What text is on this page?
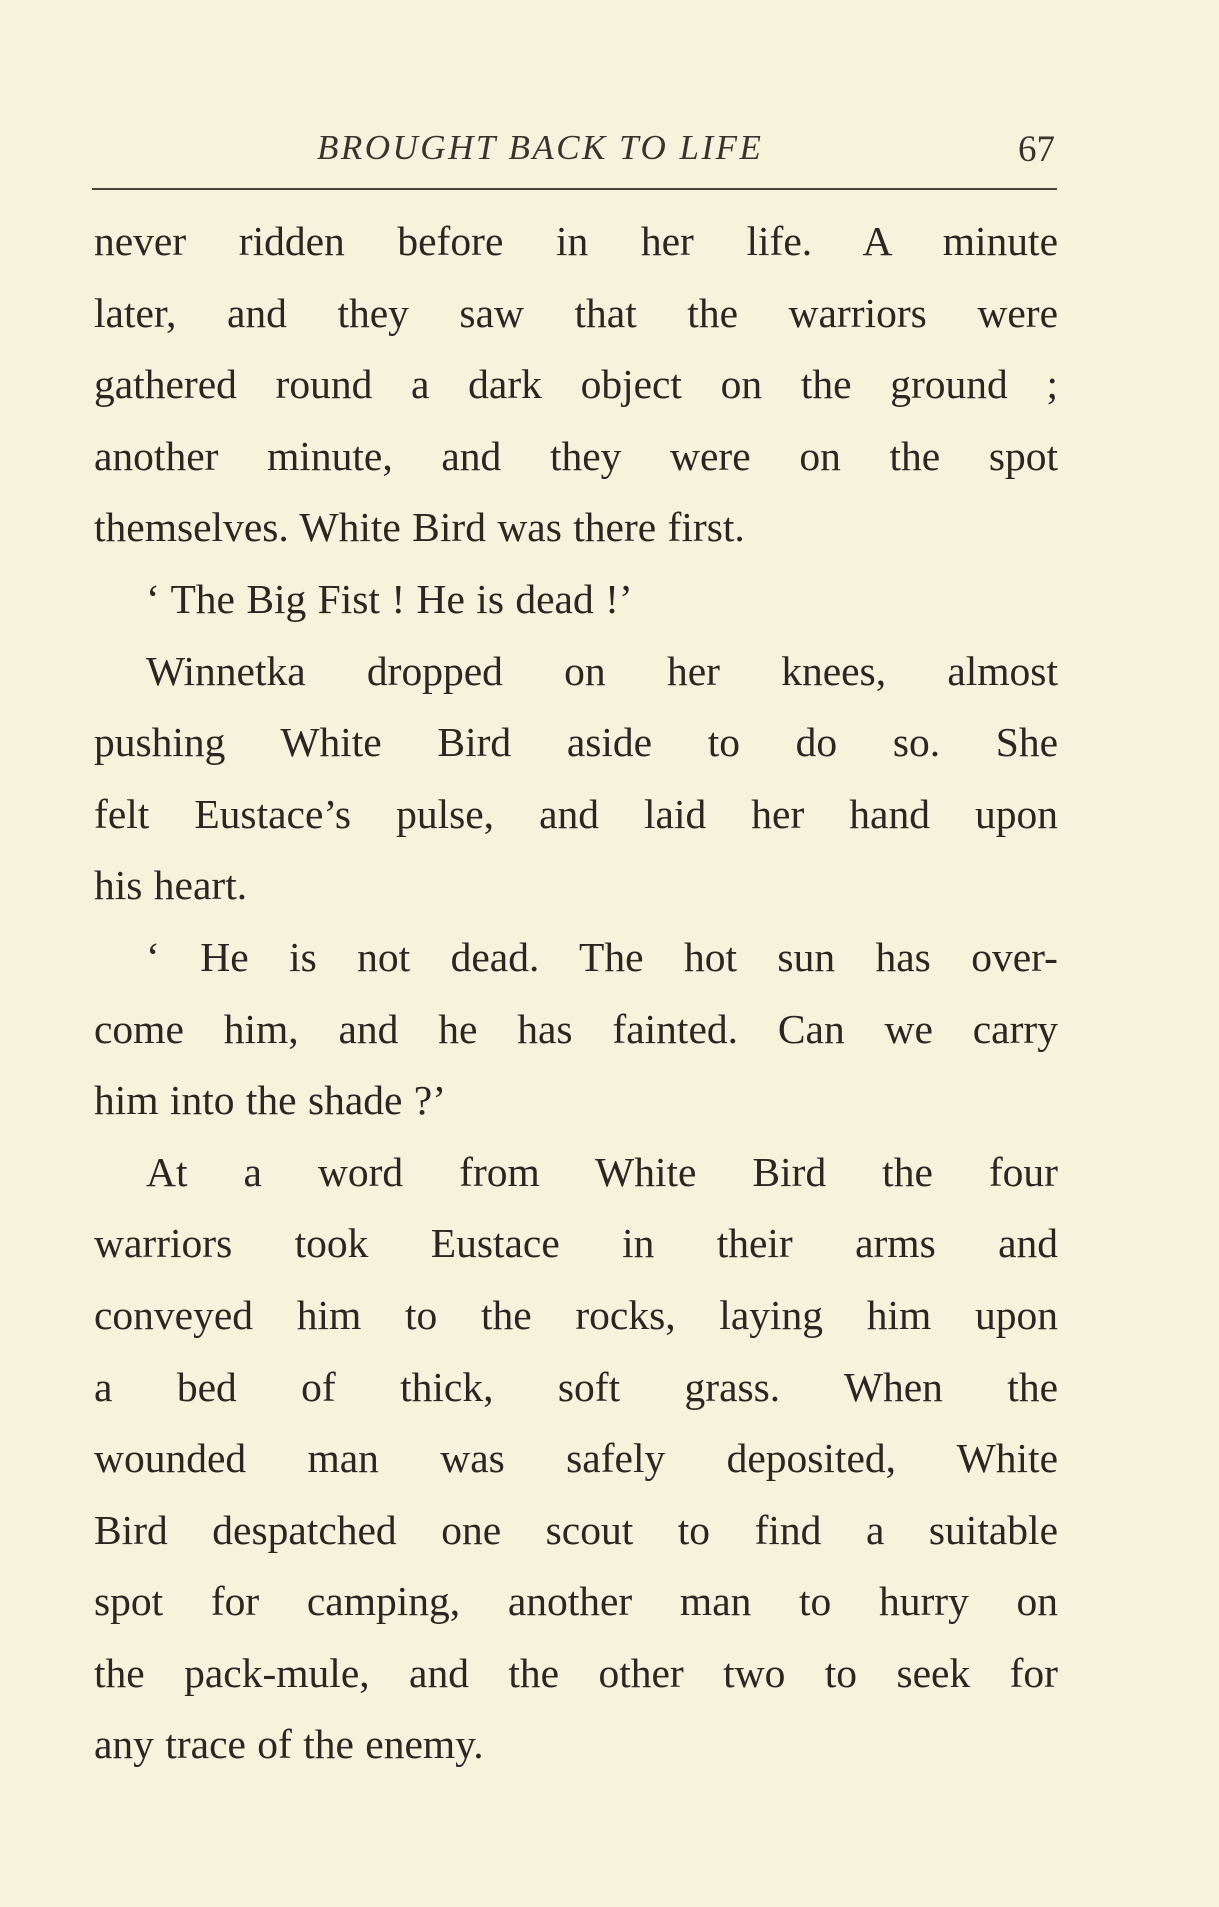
BROUGHT BACK TO LIFE	67
never ridden before in her life. A minute
later, and they saw that the warriors were
gathered round a dark object on the ground ;
another minute, and they were on the spot
themselves. White Bird was there first.
‘ The Big Fist ! He is dead !’
Winnetka dropped on her knees, almost
pushing White Bird aside to do so. She
felt Eustace’s pulse, and laid her hand upon
his heart.
‘ He is not dead. The hot sun has over-
come him, and he has fainted. Can we carry
him into the shade ?’
At a word from White Bird the four
warriors took Eustace in their arms and
conveyed him to the rocks, laying him upon
a bed of thick, soft grass. When the
wounded man was safely deposited, White
Bird despatched one scout to find a suitable
spot for camping, another man to hurry on
the pack-mule, and the other two to seek for
any trace of the enemy.
